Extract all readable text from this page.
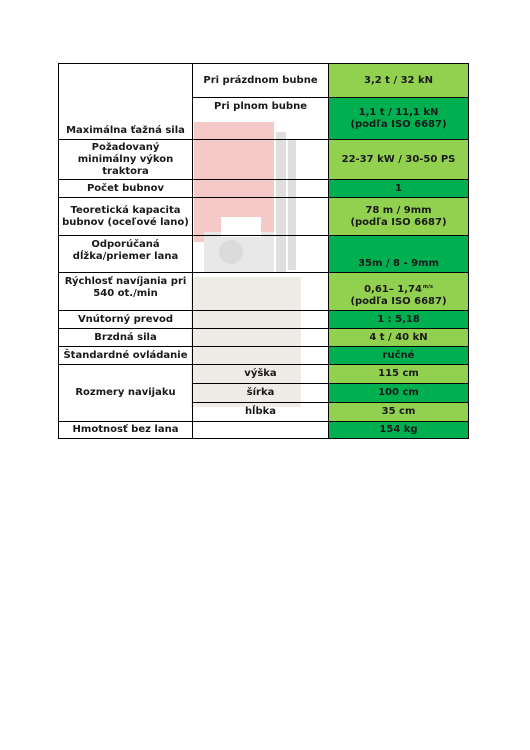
Maximálna ťažná sila	Pri prázdnom bubne	3,2 t / 32 kN
	Pri plnom bubne	1,1 t / 11,1 kN
(podľa ISO 6687)
Požadovaný
minimálny výkon
traktora		22-37 kW / 30-50 PS
Počet bubnov		1
Teoretická kapacita
bubnov (oceľové lano)		78 m / 9mm
(podľa ISO 6687)
Odporúčaná
dĺžka/priemer lana		35m / 8 - 9mm
Rýchlosť navíjania pri
540 ot./min		0,61– $1,74^{m/s}$
(podľa ISO 6687)
Vnútorný prevod		1 : 5,18
Brzdná sila		4 t / 40 kN
Štandardné ovládanie		ručné
Rozmery navijaku	výška	115 cm
	šírka	100 cm
	hĺbka	35 cm
Hmotnosť bez lana		154 kg
